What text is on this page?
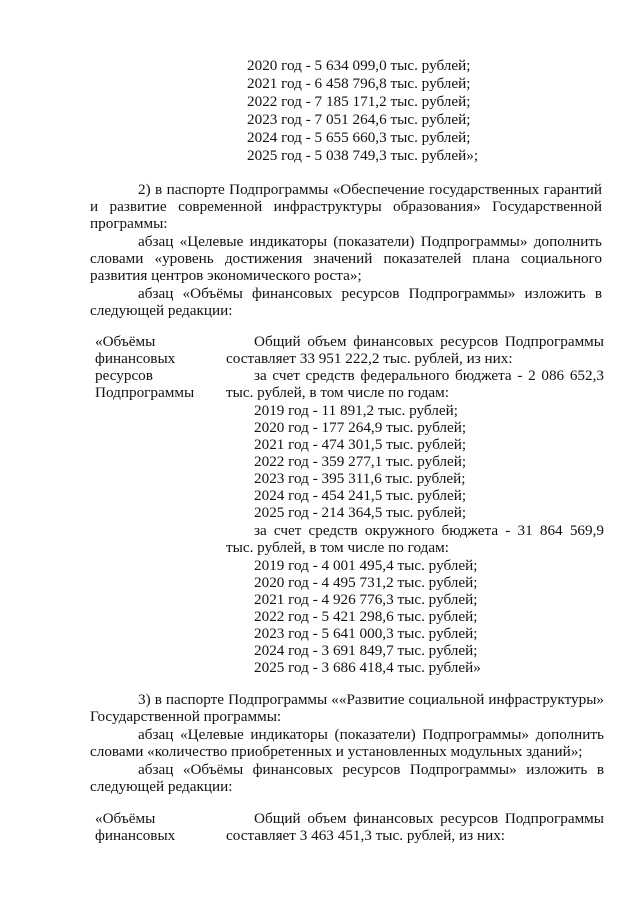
2020 год - 5 634 099,0 тыс. рублей;
2021 год - 6 458 796,8 тыс. рублей;
2022 год - 7 185 171,2 тыс. рублей;
2023 год - 7 051 264,6 тыс. рублей;
2024 год - 5 655 660,3 тыс. рублей;
2025 год - 5 038 749,3 тыс. рублей»;
2) в паспорте Подпрограммы «Обеспечение государственных гарантий
и развитие современной инфраструктуры образования» Государственной
программы:
абзац «Целевые индикаторы (показатели) Подпрограммы» дополнить
словами «уровень достижения значений показателей плана социального
развития центров экономического роста»;
абзац «Объёмы финансовых ресурсов Подпрограммы» изложить в
следующей редакции:
«Объёмы
финансовых
ресурсов
Подпрограммы
Общий объем финансовых ресурсов Подпрограммы
составляет 33 951 222,2 тыс. рублей, из них:
за счет средств федерального бюджета - 2 086 652,3
тыс. рублей, в том числе по годам:
2019 год - 11 891,2 тыс. рублей;
2020 год - 177 264,9 тыс. рублей;
2021 год - 474 301,5 тыс. рублей;
2022 год - 359 277,1 тыс. рублей;
2023 год - 395 311,6 тыс. рублей;
2024 год - 454 241,5 тыс. рублей;
2025 год - 214 364,5 тыс. рублей;
за счет средств окружного бюджета - 31 864 569,9
тыс. рублей, в том числе по годам:
2019 год - 4 001 495,4 тыс. рублей;
2020 год - 4 495 731,2 тыс. рублей;
2021 год - 4 926 776,3 тыс. рублей;
2022 год - 5 421 298,6 тыс. рублей;
2023 год - 5 641 000,3 тыс. рублей;
2024 год - 3 691 849,7 тыс. рублей;
2025 год - 3 686 418,4 тыс. рублей»
3) в паспорте Подпрограммы ««Развитие социальной инфраструктуры»
Государственной программы:
абзац «Целевые индикаторы (показатели) Подпрограммы» дополнить
словами «количество приобретенных и установленных модульных зданий»;
абзац «Объёмы финансовых ресурсов Подпрограммы» изложить в
следующей редакции:
«Объёмы
финансовых
Общий объем финансовых ресурсов Подпрограммы
составляет 3 463 451,3 тыс. рублей, из них:
